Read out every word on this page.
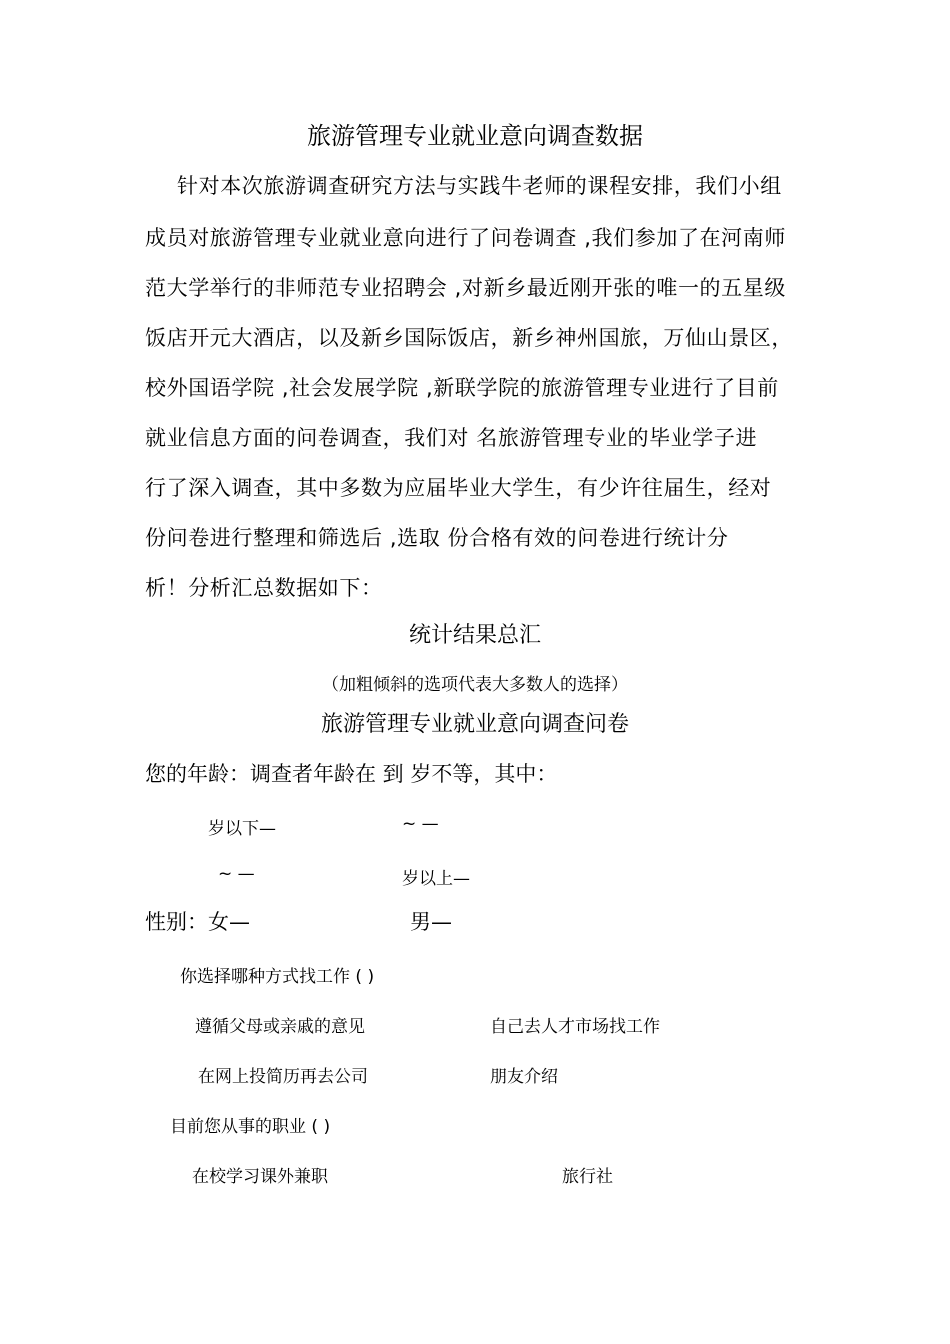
旅游管理专业就业意向调查数据
针对本次旅游调查研究方法与实践牛老师的课程安排，我们小组
成员对旅游管理专业就业意向进行了问卷调查 ,我们参加了在河南师
范大学举行的非师范专业招聘会 ,对新乡最近刚开张的唯一的五星级
饭店开元大酒店，以及新乡国际饭店，新乡神州国旅，万仙山景区，
校外国语学院 ,社会发展学院 ,新联学院的旅游管理专业进行了目前
就业信息方面的问卷调查，我们对 名旅游管理专业的毕业学子进
行了深入调查，其中多数为应届毕业大学生，有少许往届生，经对
份问卷进行整理和筛选后 ,选取 份合格有效的问卷进行统计分
析！分析汇总数据如下：
统计结果总汇
（加粗倾斜的选项代表大多数人的选择）
旅游管理专业就业意向调查问卷
您的年龄：调查者年龄在 到 岁不等，其中：
岁以下—	~ —
~ —	岁以上—
性别：女—	男—
你选择哪种方式找工作 ( )
遵循父母或亲戚的意见	自己去人才市场找工作
在网上投简历再去公司	朋友介绍
目前您从事的职业 ( )
在校学习课外兼职	旅行社
